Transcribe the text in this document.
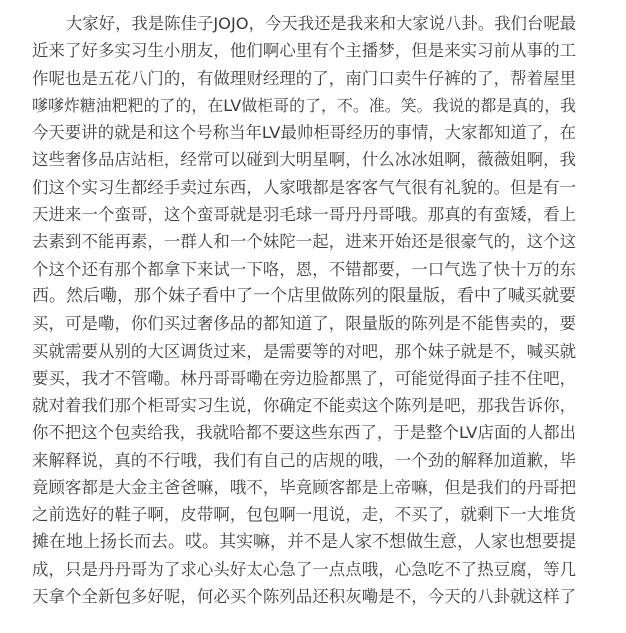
大家好，我是陈佳子JOJO，今天我还是我来和大家说八卦。我们台呢最
近来了好多实习生小朋友，他们啊心里有个主播梦，但是来实习前从事的工
作呢也是五花八门的，有做理财经理的了，南门口卖牛仔裤的了，帮着屋里
嗲嗲炸糖油粑粑的了的，在LV做柜哥的了，不。准。笑。我说的都是真的，我
今天要讲的就是和这个号称当年LV最帅柜哥经历的事情，大家都知道了，在
这些奢侈品店站柜，经常可以碰到大明星啊，什么冰冰姐啊，薇薇姐啊，我
们这个实习生都经手卖过东西，人家哦都是客客气气很有礼貌的。但是有一
天进来一个蛮哥，这个蛮哥就是羽毛球一哥丹丹哥哦。那真的有蛮矮，看上
去素到不能再素，一群人和一个妹陀一起，进来开始还是很豪气的，这个这
个这个还有那个都拿下来试一下咯，恩，不错都要，一口气选了快十万的东
西。然后嘞，那个妹子看中了一个店里做陈列的限量版，看中了喊买就要
买，可是嘞，你们买过奢侈品的都知道了，限量版的陈列是不能售卖的，要
买就需要从别的大区调货过来，是需要等的对吧，那个妹子就是不，喊买就
要买，我才不管嘞。林丹哥哥嘞在旁边脸都黑了，可能觉得面子挂不住吧，
就对着我们那个柜哥实习生说，你确定不能卖这个陈列是吧，那我告诉你，
你不把这个包卖给我，我就哈都不要这些东西了，于是整个LV店面的人都出
来解释说，真的不行哦，我们有自己的店规的哦，一个劲的解释加道歉，毕
竟顾客都是大金主爸爸嘛，哦不，毕竟顾客都是上帝嘛，但是我们的丹哥把
之前选好的鞋子啊，皮带啊，包包啊一甩说，走，不买了，就剩下一大堆货
摊在地上扬长而去。哎。其实嘛，并不是人家不想做生意，人家也想要提
成，只是丹丹哥为了求心头好太心急了一点点哦，心急吃不了热豆腐，等几
天拿个全新包多好呢，何必买个陈列品还积灰嘞是不，今天的八卦就这样了
